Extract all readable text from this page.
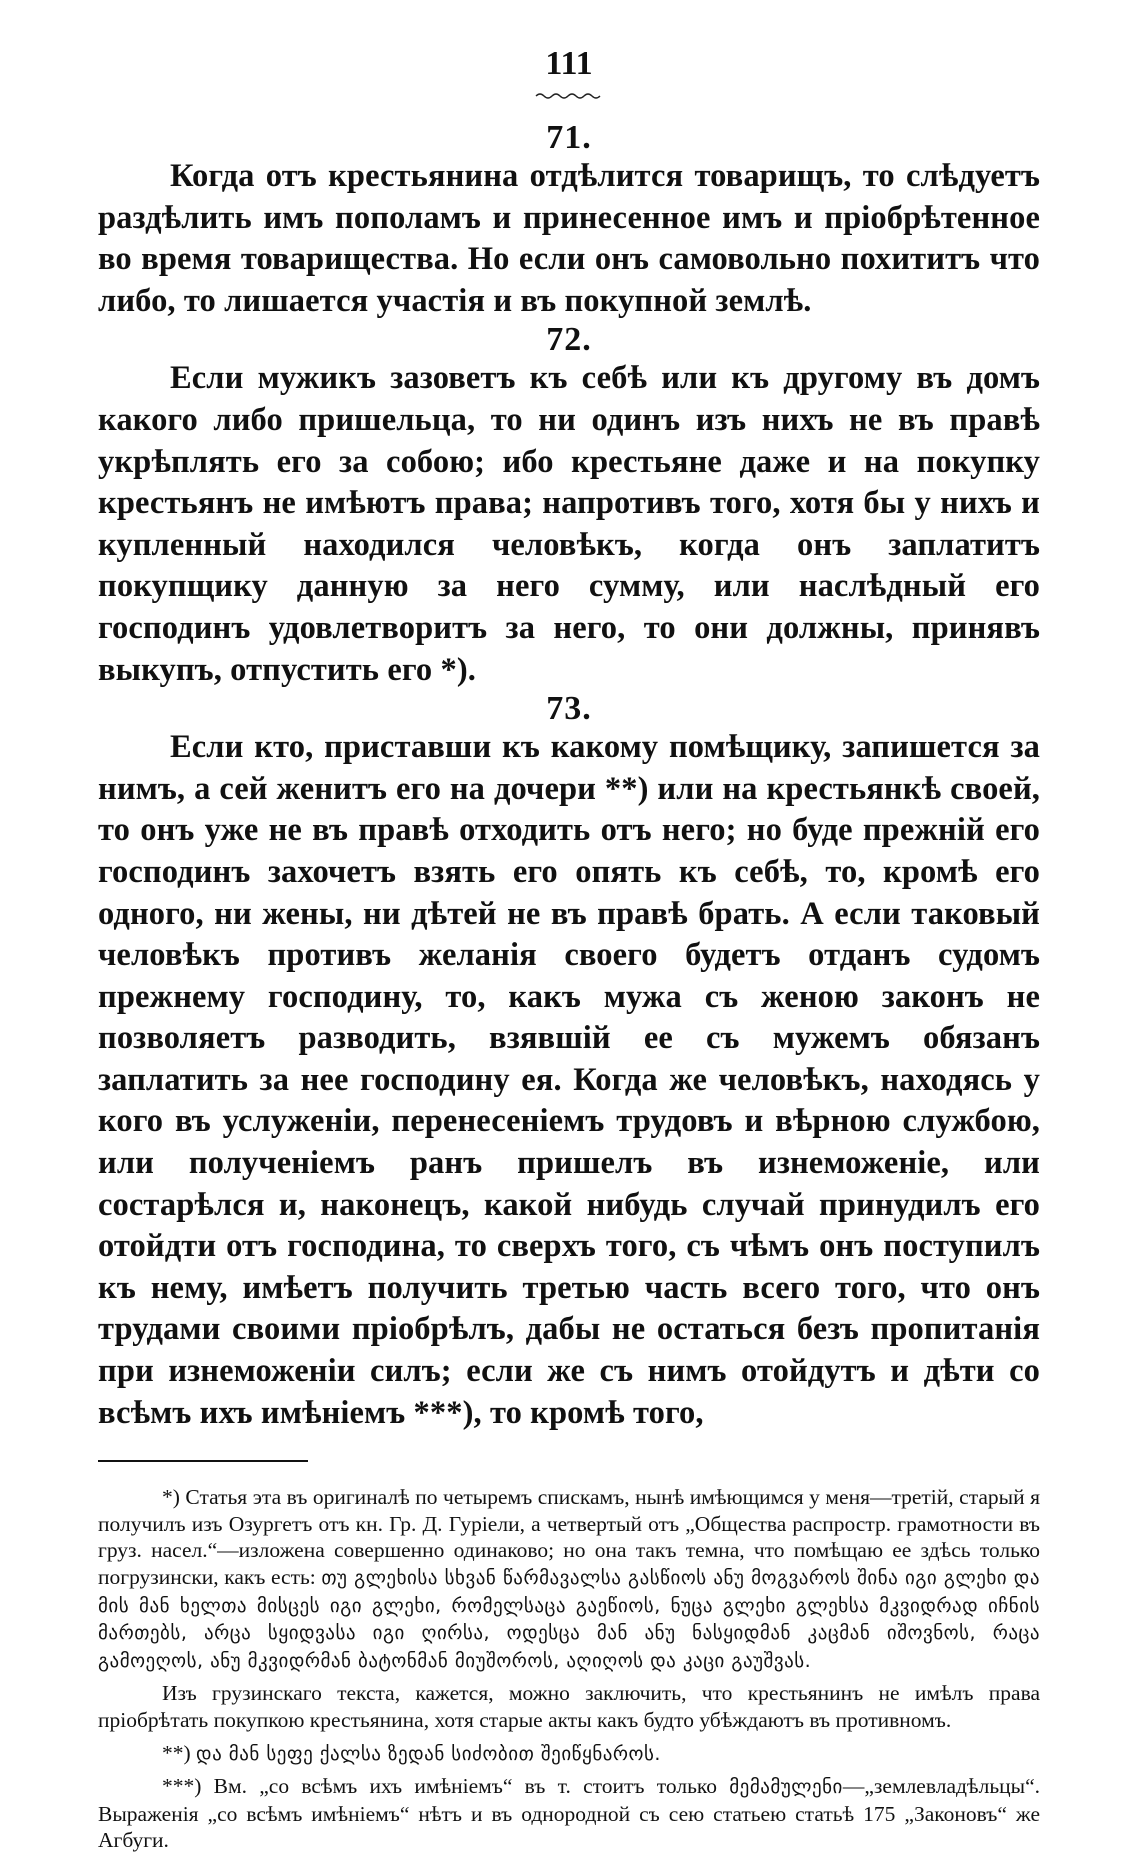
111
71.

Когда отъ крестьянина отдѣлится товарищъ, то слѣдуетъ раздѣлить имъ пополамъ и принесенное имъ и пріобрѣтенное во время товарищества. Но если онъ самовольно похититъ что либо, то лишается участія и въ покупной землѣ.

72.

Если мужикъ зазоветъ къ себѣ или къ другому въ домъ какого либо пришельца, то ни одинъ изъ нихъ не въ правѣ укрѣплять его за собою; ибо крестьяне даже и на покупку крестьянъ не имѣютъ права; напротивъ того, хотя бы у нихъ и купленный находился человѣкъ, когда онъ заплатитъ покупщику данную за него сумму, или наслѣдный его господинъ удовлетворитъ за него, то они должны, принявъ выкупъ, отпустить его *).

73.

Если кто, приставши къ какому помѣщику, запишется за нимъ, а сей женитъ его на дочери **) или на крестьянкѣ своей, то онъ уже не въ правѣ отходить отъ него; но буде прежній его господинъ захочетъ взять его опять къ себѣ, то, кромѣ его одного, ни жены, ни дѣтей не въ правѣ брать. А если таковый человѣкъ противъ желанія своего будетъ отданъ судомъ прежнему господину, то, какъ мужа съ женою законъ не позволяетъ разводить, взявшій ее съ мужемъ обязанъ заплатить за нее господину ея. Когда же человѣкъ, находясь у кого въ услуженіи, перенесеніемъ трудовъ и вѣрною службою, или полученіемъ ранъ пришелъ въ изнеможеніе, или состарѣлся и, наконецъ, какой нибудь случай принудилъ его отойдти отъ господина, то сверхъ того, съ чѣмъ онъ поступилъ къ нему, имѣетъ получить третью часть всего того, что онъ трудами своими пріобрѣлъ, дабы не остаться безъ пропитанія при изнеможеніи силъ; если же съ нимъ отойдутъ и дѣти со всѣмъ ихъ имѣніемъ ***), то кромѣ того,

*) Статья эта въ оригиналѣ по четыремъ спискамъ, нынѣ имѣющимся у меня—третій, старый я получилъ изъ Озургетъ отъ кн. Гр. Д. Гуріели, а четвертый отъ „Общества распростр. грамотности въ груз. насел.“—изложена совершенно одинаково; но она такъ темна, что помѣщаю ее здѣсь только погрузински, какъ есть: თუ გლეხისა სხვან წარმავალსა გასწიოს ანუ მოგვაროს შინა იგი გლეხი და მის მან ხელთა მისცეს იგი გლეხი, რომელსაცა გაეწიოს, ნუცა გლეხი გლეხსა მკვიდრად იჩნის მართებს, არცა სყიდვასა იგი ღირსა, ოდესცა მან ანუ ნასყიდმან კაცმან იშოვნოს, რაცა გამოეღოს, ანუ მკვიდრმან ბატონმან მიუშოროს, აღიღოს და კაცი გაუშვას.

Изъ грузинскаго текста, кажется, можно заключить, что крестьянинъ не имѣлъ права пріобрѣтать покупкою крестьянина, хотя старые акты какъ будто убѣждаютъ въ противномъ.

**) და მან სეფე ქალსა ზედან სიძობით შეიწყნაროს.

***) Вм. „со всѣмъ ихъ имѣніемъ“ въ т. стоитъ только მემამულენი—„землевладѣльцы“. Выраженія „со всѣмъ имѣніемъ“ нѣтъ и въ однородной съ сею статьею статьѣ 175 „Законовъ“ же Агбуги.
